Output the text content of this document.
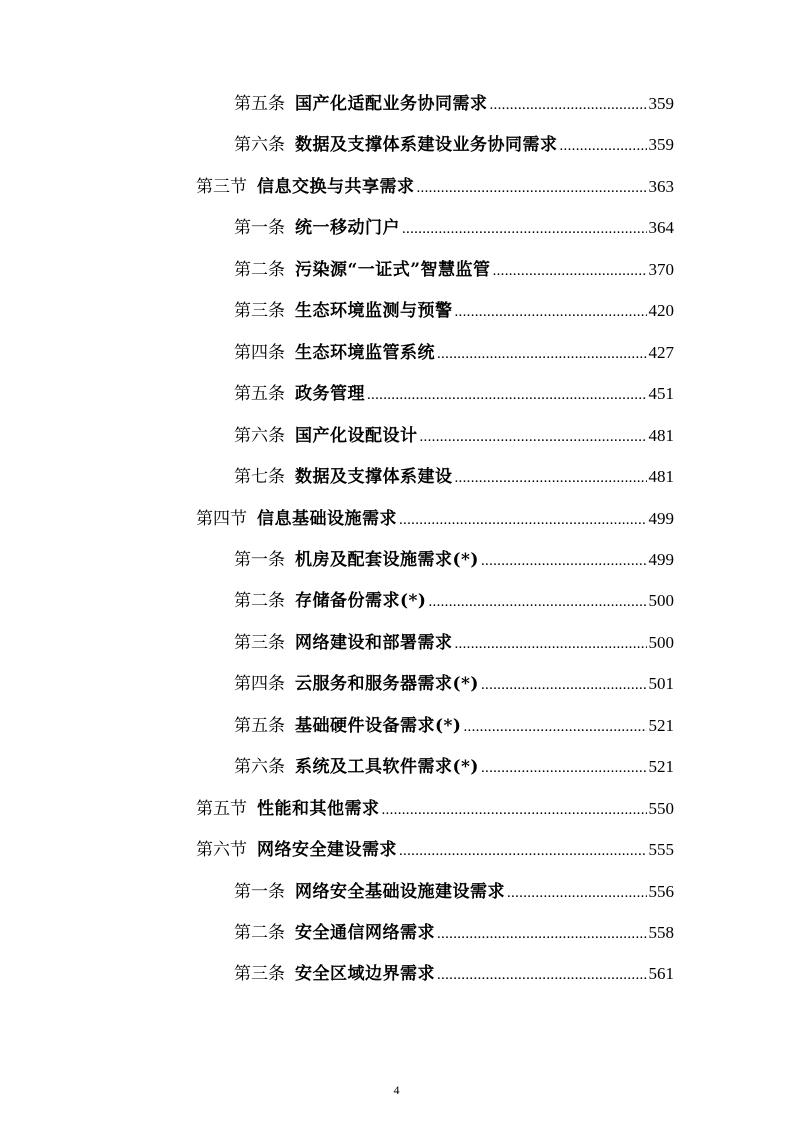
第五条 国产化适配业务协同需求 .....	359
第六条 数据及支撑体系建设业务协同需求 .....	359
第三节 信息交换与共享需求 .....	363
第一条 统一移动门户 .....	364
第二条 污染源“一证式”智慧监管 .....	370
第三条 生态环境监测与预警 .....	420
第四条 生态环境监管系统 .....	427
第五条 政务管理 .....	451
第六条 国产化设配设计 .....	481
第七条 数据及支撑体系建设 .....	481
第四节 信息基础设施需求 .....	499
第一条 机房及配套设施需求(*) .....	499
第二条 存储备份需求(*) .....	500
第三条 网络建设和部署需求 .....	500
第四条 云服务和服务器需求(*) .....	501
第五条 基础硬件设备需求(*) .....	521
第六条 系统及工具软件需求(*) .....	521
第五节 性能和其他需求 .....	550
第六节 网络安全建设需求 .....	555
第一条 网络安全基础设施建设需求 .....	556
第二条 安全通信网络需求 .....	558
第三条 安全区域边界需求 .....	561
4
